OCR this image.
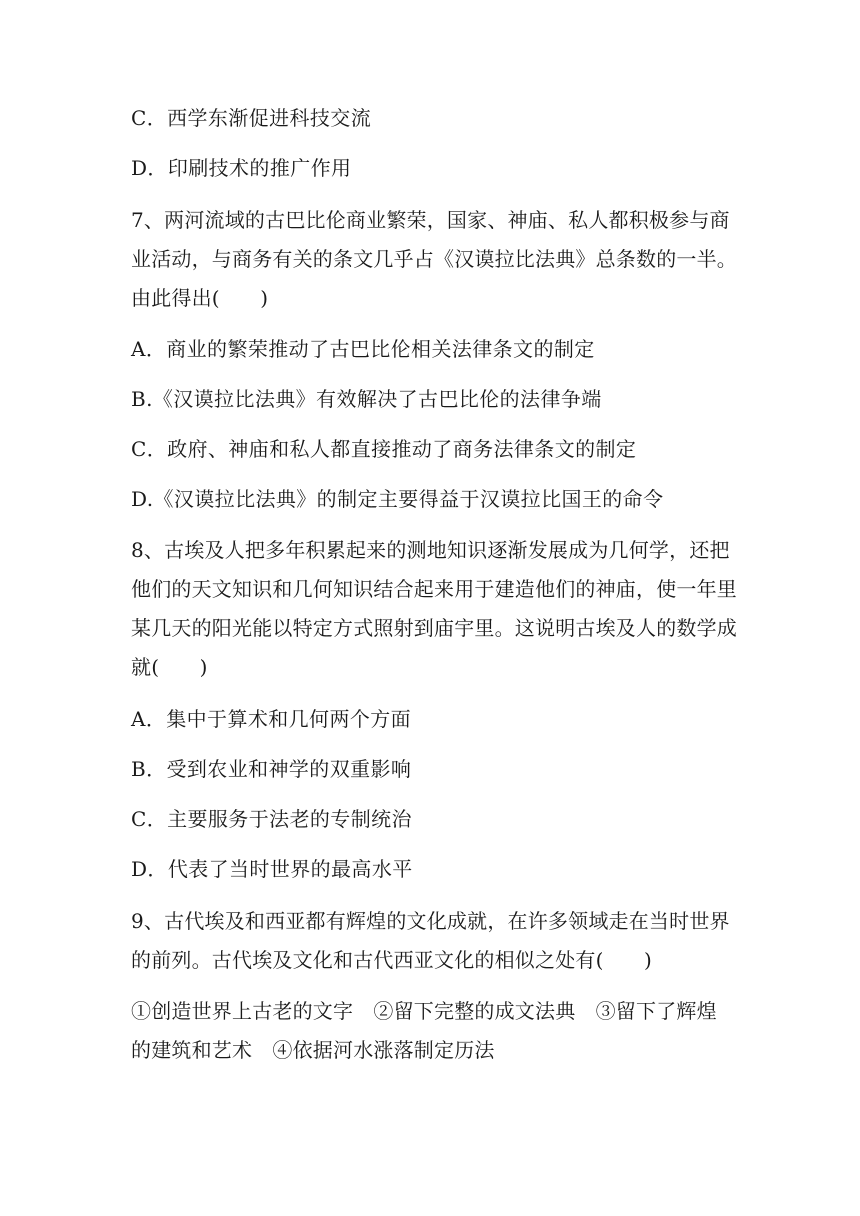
C．西学东渐促进科技交流
D．印刷技术的推广作用
7、两河流域的古巴比伦商业繁荣，国家、神庙、私人都积极参与商
业活动，与商务有关的条文几乎占《汉谟拉比法典》总条数的一半。
由此得出(　　)
A．商业的繁荣推动了古巴比伦相关法律条文的制定
B.《汉谟拉比法典》有效解决了古巴比伦的法律争端
C．政府、神庙和私人都直接推动了商务法律条文的制定
D.《汉谟拉比法典》的制定主要得益于汉谟拉比国王的命令
8、古埃及人把多年积累起来的测地知识逐渐发展成为几何学，还把
他们的天文知识和几何知识结合起来用于建造他们的神庙，使一年里
某几天的阳光能以特定方式照射到庙宇里。这说明古埃及人的数学成
就(　　)
A．集中于算术和几何两个方面
B．受到农业和神学的双重影响
C．主要服务于法老的专制统治
D．代表了当时世界的最高水平
9、古代埃及和西亚都有辉煌的文化成就，在许多领域走在当时世界
的前列。古代埃及文化和古代西亚文化的相似之处有(　　)
①创造世界上古老的文字　②留下完整的成文法典　③留下了辉煌
的建筑和艺术　④依据河水涨落制定历法
